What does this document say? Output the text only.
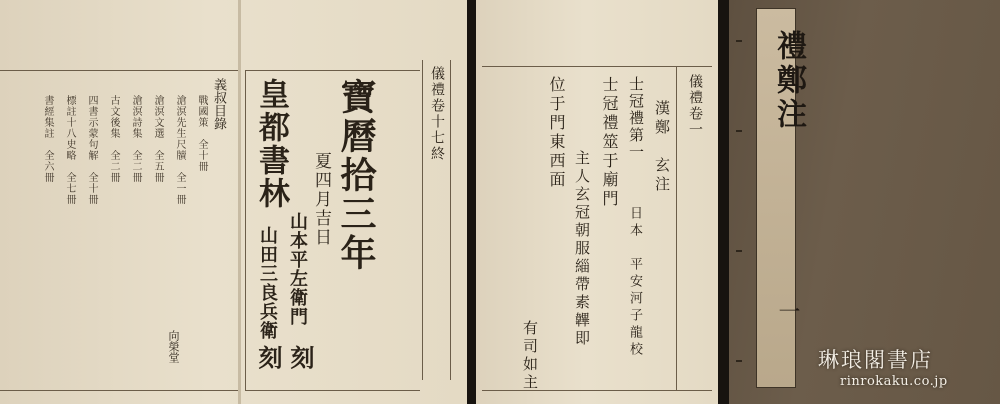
義叔目錄
戰國策　全十冊
滄溟先生尺牘　全一冊
滄溟文選　全五冊
滄溟詩集　全二冊
古文後集　全二冊
四書示蒙句解　全十冊
標註十八史略　全七冊
書經集註　全六冊
向榮堂
寶曆拾三年
夏四月吉日
皇都書林
山本平左衛門
山田三良兵衛
刻 刻
儀禮卷十七終	儀禮卷一
漢鄭　玄注
日本　平安河子龍校
士冠禮第一
士冠禮筮于廟門
主人玄冠朝服緇帶素韠即
位于門東西面
有司如主
禮鄭注
一
琳琅閣書店
rinrokaku.co.jp
